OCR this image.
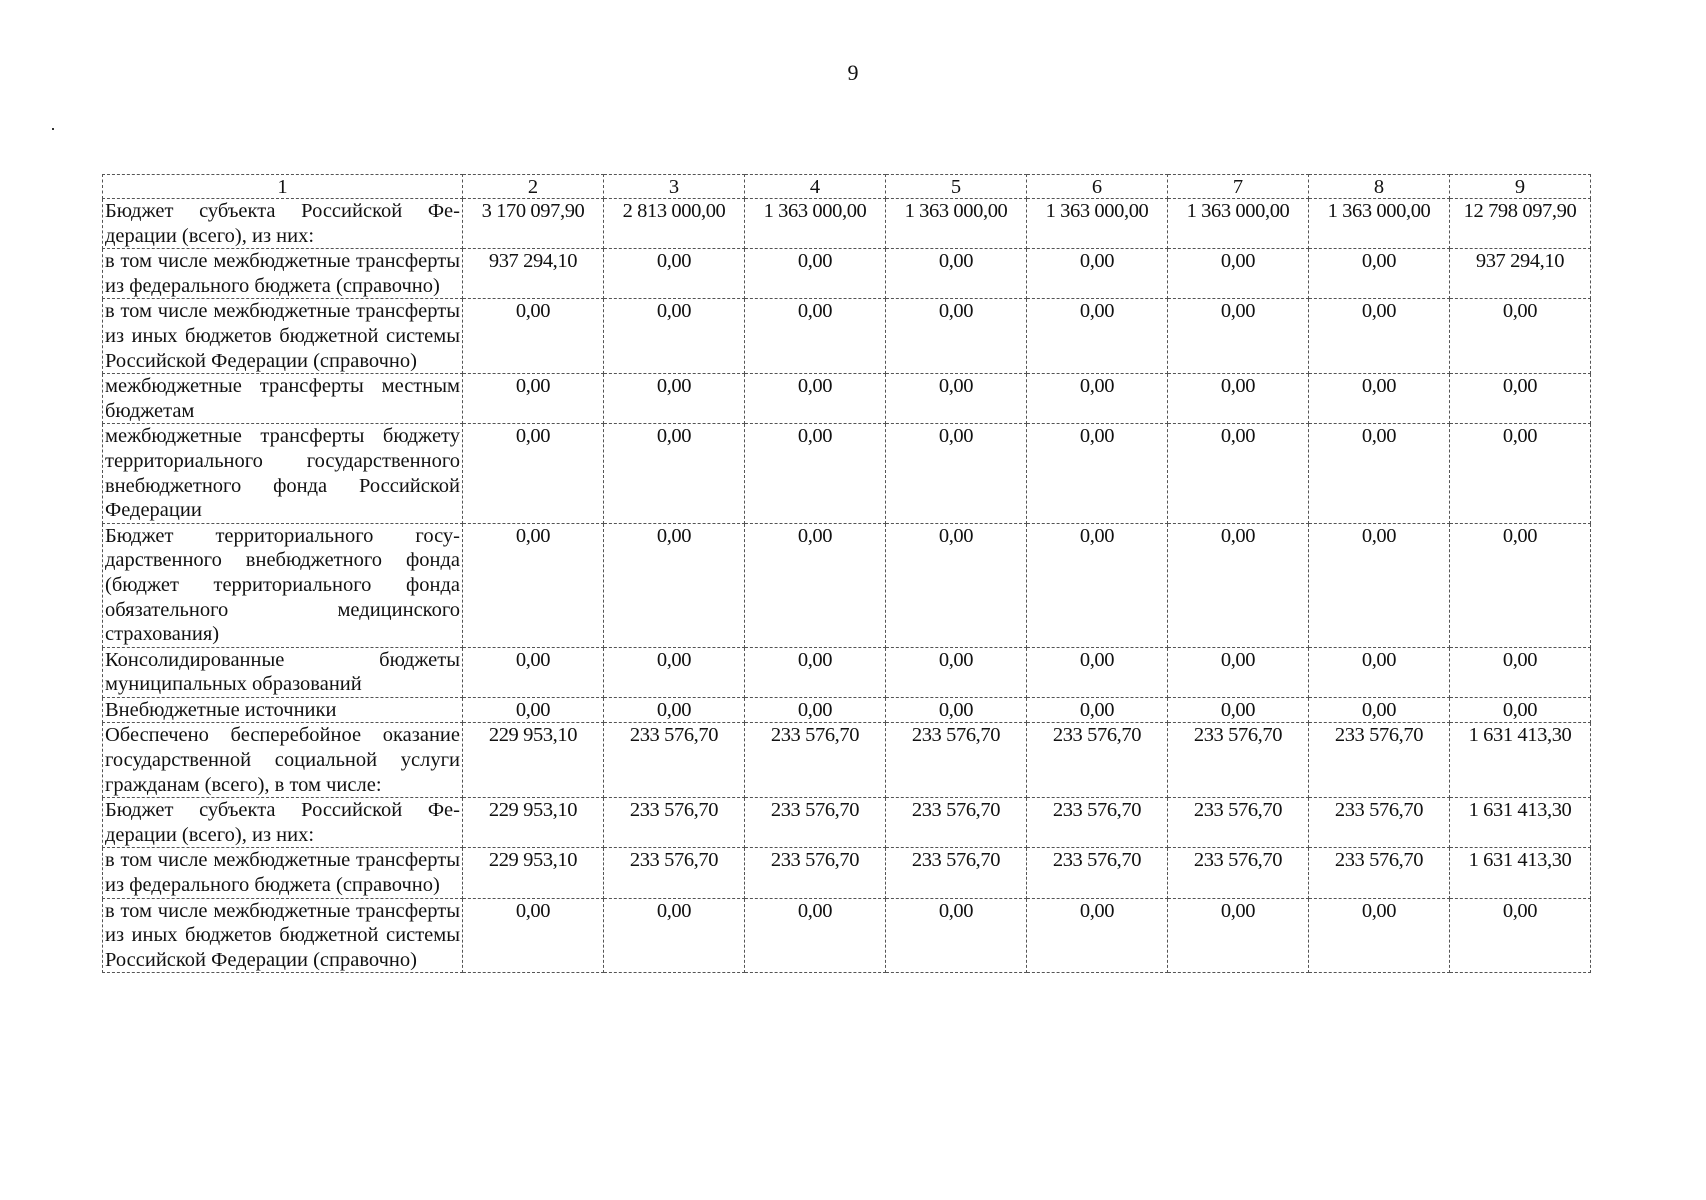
9
1	2	3	4	5	6	7	8	9
Бюджет субъекта Российской Федерации (всего), из них:	3 170 097,90	2 813 000,00	1 363 000,00	1 363 000,00	1 363 000,00	1 363 000,00	1 363 000,00	12 798 097,90
в том числе межбюджетные трансферты из федерального бюджета (справочно)	937 294,10	0,00	0,00	0,00	0,00	0,00	0,00	937 294,10
в том числе межбюджетные трансферты из иных бюджетов бюджетной системы Российской Федерации (справочно)	0,00	0,00	0,00	0,00	0,00	0,00	0,00	0,00
межбюджетные трансферты местным бюджетам	0,00	0,00	0,00	0,00	0,00	0,00	0,00	0,00
межбюджетные трансферты бюджету территориального государственного внебюджетного фонда Российской Федерации	0,00	0,00	0,00	0,00	0,00	0,00	0,00	0,00
Бюджет территориального государственного внебюджетного фонда (бюджет территориального фонда обязательного медицинского страхования)	0,00	0,00	0,00	0,00	0,00	0,00	0,00	0,00
Консолидированные бюджеты муниципальных образований	0,00	0,00	0,00	0,00	0,00	0,00	0,00	0,00
Внебюджетные источники	0,00	0,00	0,00	0,00	0,00	0,00	0,00	0,00
Обеспечено бесперебойное оказание государственной социальной услуги гражданам (всего), в том числе:	229 953,10	233 576,70	233 576,70	233 576,70	233 576,70	233 576,70	233 576,70	1 631 413,30
Бюджет субъекта Российской Федерации (всего), из них:	229 953,10	233 576,70	233 576,70	233 576,70	233 576,70	233 576,70	233 576,70	1 631 413,30
в том числе межбюджетные трансферты из федерального бюджета (справочно)	229 953,10	233 576,70	233 576,70	233 576,70	233 576,70	233 576,70	233 576,70	1 631 413,30
в том числе межбюджетные трансферты из иных бюджетов бюджетной системы Российской Федерации (справочно)	0,00	0,00	0,00	0,00	0,00	0,00	0,00	0,00
